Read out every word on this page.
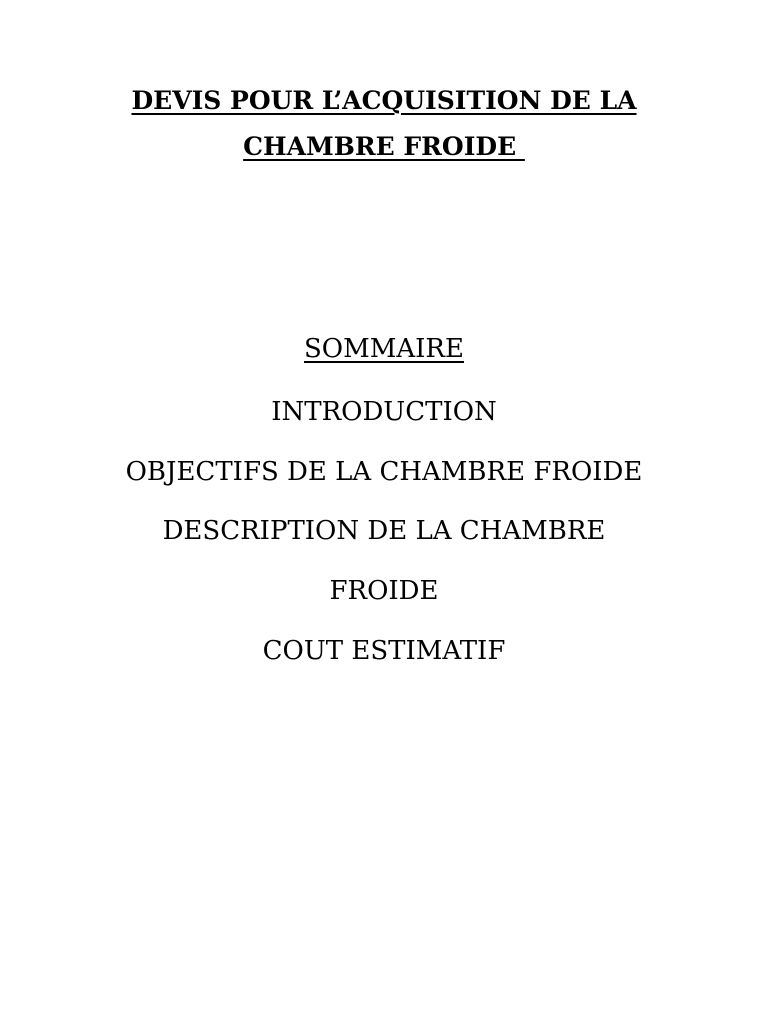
DEVIS POUR L’ACQUISITION DE LA
CHAMBRE FROIDE
SOMMAIRE
INTRODUCTION
OBJECTIFS DE LA CHAMBRE FROIDE
DESCRIPTION DE LA CHAMBRE
FROIDE
COUT ESTIMATIF
